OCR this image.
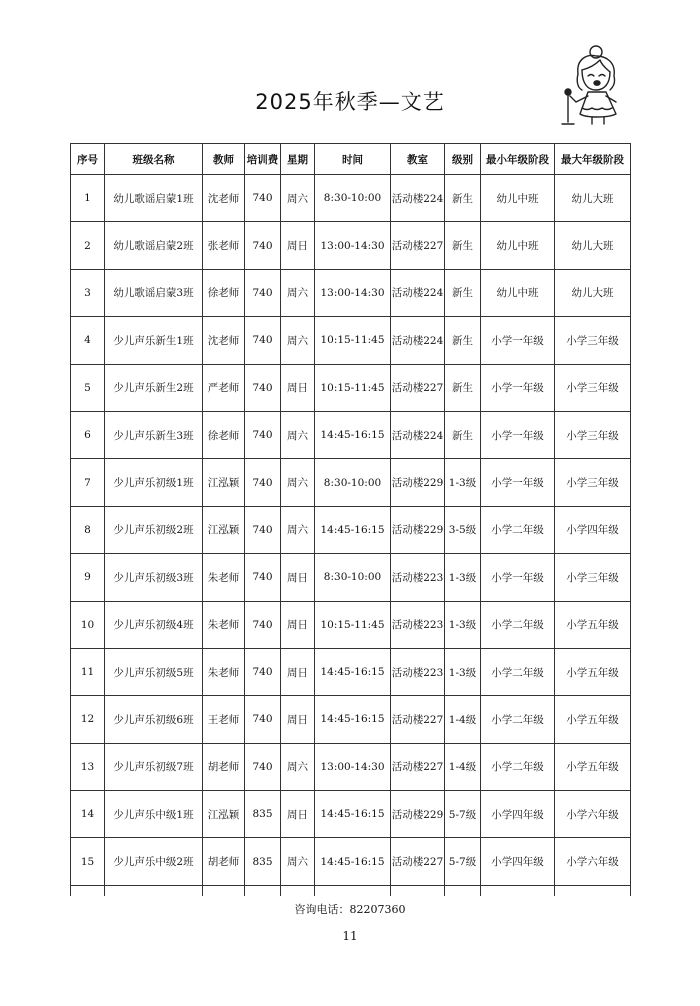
2025年秋季—文艺
序号	班级名称	教师	培训费	星期	时间	教室	级别	最小年级阶段	最大年级阶段
1	幼儿歌谣启蒙1班	沈老师	740	周六	8:30-10:00	活动楼224	新生	幼儿中班	幼儿大班
2	幼儿歌谣启蒙2班	张老师	740	周日	13:00-14:30	活动楼227	新生	幼儿中班	幼儿大班
3	幼儿歌谣启蒙3班	徐老师	740	周六	13:00-14:30	活动楼224	新生	幼儿中班	幼儿大班
4	少儿声乐新生1班	沈老师	740	周六	10:15-11:45	活动楼224	新生	小学一年级	小学三年级
5	少儿声乐新生2班	严老师	740	周日	10:15-11:45	活动楼227	新生	小学一年级	小学三年级
6	少儿声乐新生3班	徐老师	740	周六	14:45-16:15	活动楼224	新生	小学一年级	小学三年级
7	少儿声乐初级1班	江泓颖	740	周六	8:30-10:00	活动楼229	1-3级	小学一年级	小学三年级
8	少儿声乐初级2班	江泓颖	740	周六	14:45-16:15	活动楼229	3-5级	小学二年级	小学四年级
9	少儿声乐初级3班	朱老师	740	周日	8:30-10:00	活动楼223	1-3级	小学一年级	小学三年级
10	少儿声乐初级4班	朱老师	740	周日	10:15-11:45	活动楼223	1-3级	小学二年级	小学五年级
11	少儿声乐初级5班	朱老师	740	周日	14:45-16:15	活动楼223	1-3级	小学二年级	小学五年级
12	少儿声乐初级6班	王老师	740	周日	14:45-16:15	活动楼227	1-4级	小学二年级	小学五年级
13	少儿声乐初级7班	胡老师	740	周六	13:00-14:30	活动楼227	1-4级	小学二年级	小学五年级
14	少儿声乐中级1班	江泓颖	835	周日	14:45-16:15	活动楼229	5-7级	小学四年级	小学六年级
15	少儿声乐中级2班	胡老师	835	周六	14:45-16:15	活动楼227	5-7级	小学四年级	小学六年级

咨询电话：82207360
11
